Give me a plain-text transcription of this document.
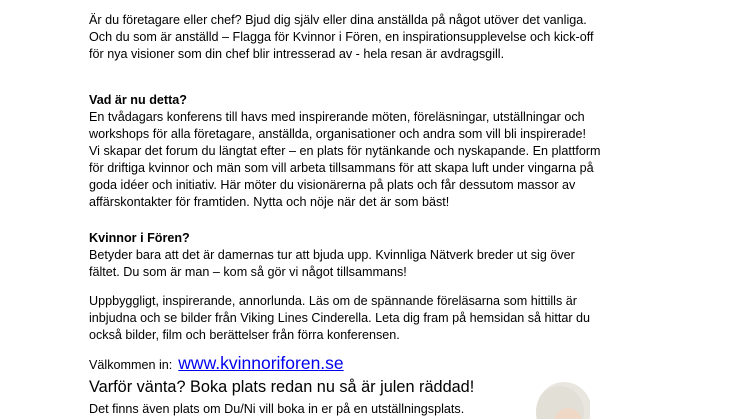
Är du företagare eller chef? Bjud dig själv eller dina anställda på något utöver det vanliga.
Och du som är anställd – Flagga för Kvinnor i Fören, en inspirationsupplevelse och kick-off
för nya visioner som din chef blir intresserad av - hela resan är avdragsgill.
Vad är nu detta?
En tvådagars konferens till havs med inspirerande möten, föreläsningar, utställningar och
workshops för alla företagare, anställda, organisationer och andra som vill bli inspirerade!
Vi skapar det forum du längtat efter – en plats för nytänkande och nyskapande. En plattform
för driftiga kvinnor och män som vill arbeta tillsammans för att skapa luft under vingarna på
goda idéer och initiativ. Här möter du visionärerna på plats och får dessutom massor av
affärskontakter för framtiden. Nytta och nöje när det är som bäst!
Kvinnor i Fören?
Betyder bara att det är damernas tur att bjuda upp. Kvinnliga Nätverk breder ut sig över
fältet. Du som är man – kom så gör vi något tillsammans!
Uppbyggligt, inspirerande, annorlunda. Läs om de spännande föreläsarna som hittills är
inbjudna och se bilder från Viking Lines Cinderella. Leta dig fram på hemsidan så hittar du
också bilder, film och berättelser från förra konferensen.
Välkommen in: www.kvinnoriforen.se
Varför vänta? Boka plats redan nu så är julen räddad!
Det finns även plats om Du/Ni vill boka in er på en utställningsplats.
